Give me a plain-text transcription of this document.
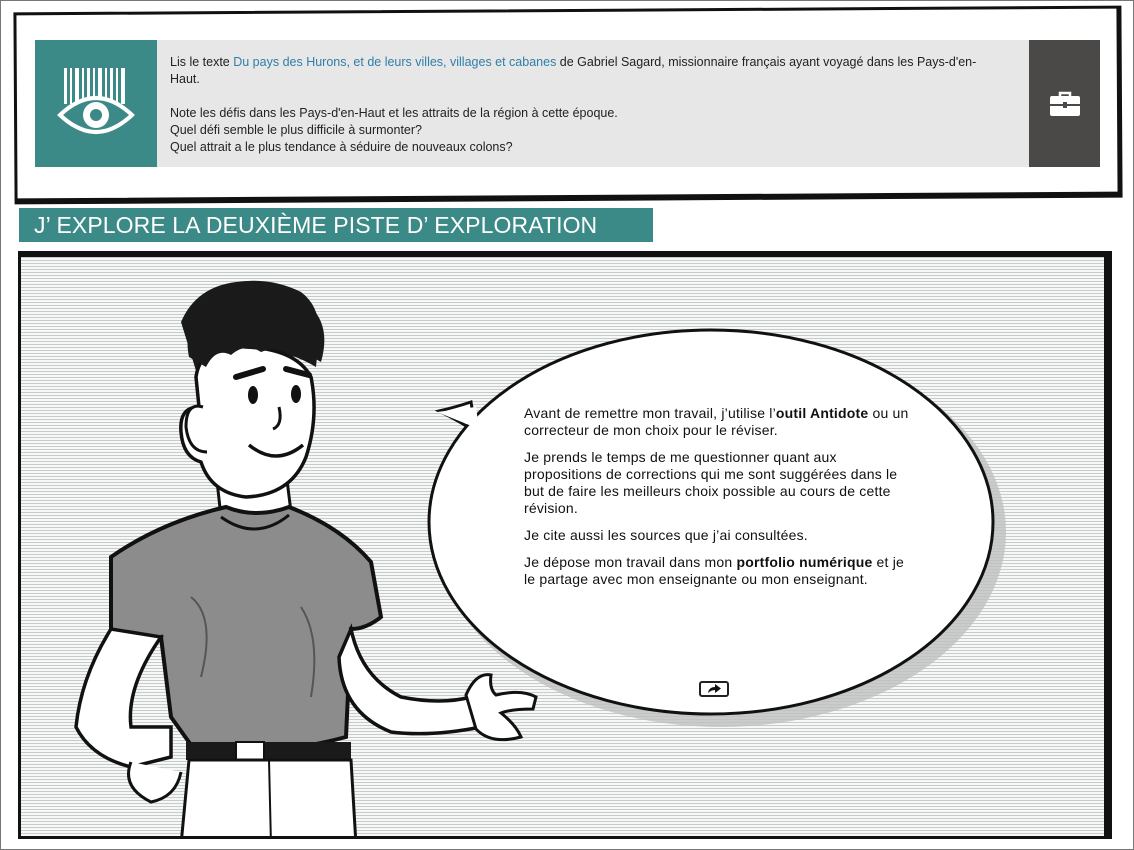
Lis le texte Du pays des Hurons, et de leurs villes, villages et cabanes de Gabriel Sagard, missionnaire français ayant voyagé dans les Pays-d'en-Haut.

Note les défis dans les Pays-d'en-Haut et les attraits de la région à cette époque.

Quel défi semble le plus difficile à surmonter?

Quel attrait a le plus tendance à séduire de nouveaux colons?

J’ EXPLORE LA DEUXIÈME PISTE D’ EXPLORATION

Avant de remettre mon travail, j’utilise l’outil Antidote ou un correcteur de mon choix pour le réviser.

Je prends le temps de me questionner quant aux propositions de corrections qui me sont suggérées dans le but de faire les meilleurs choix possible au cours de cette révision.

Je cite aussi les sources que j’ai consultées.

Je dépose mon travail dans mon portfolio numérique et je le partage avec mon enseignante ou mon enseignant.
